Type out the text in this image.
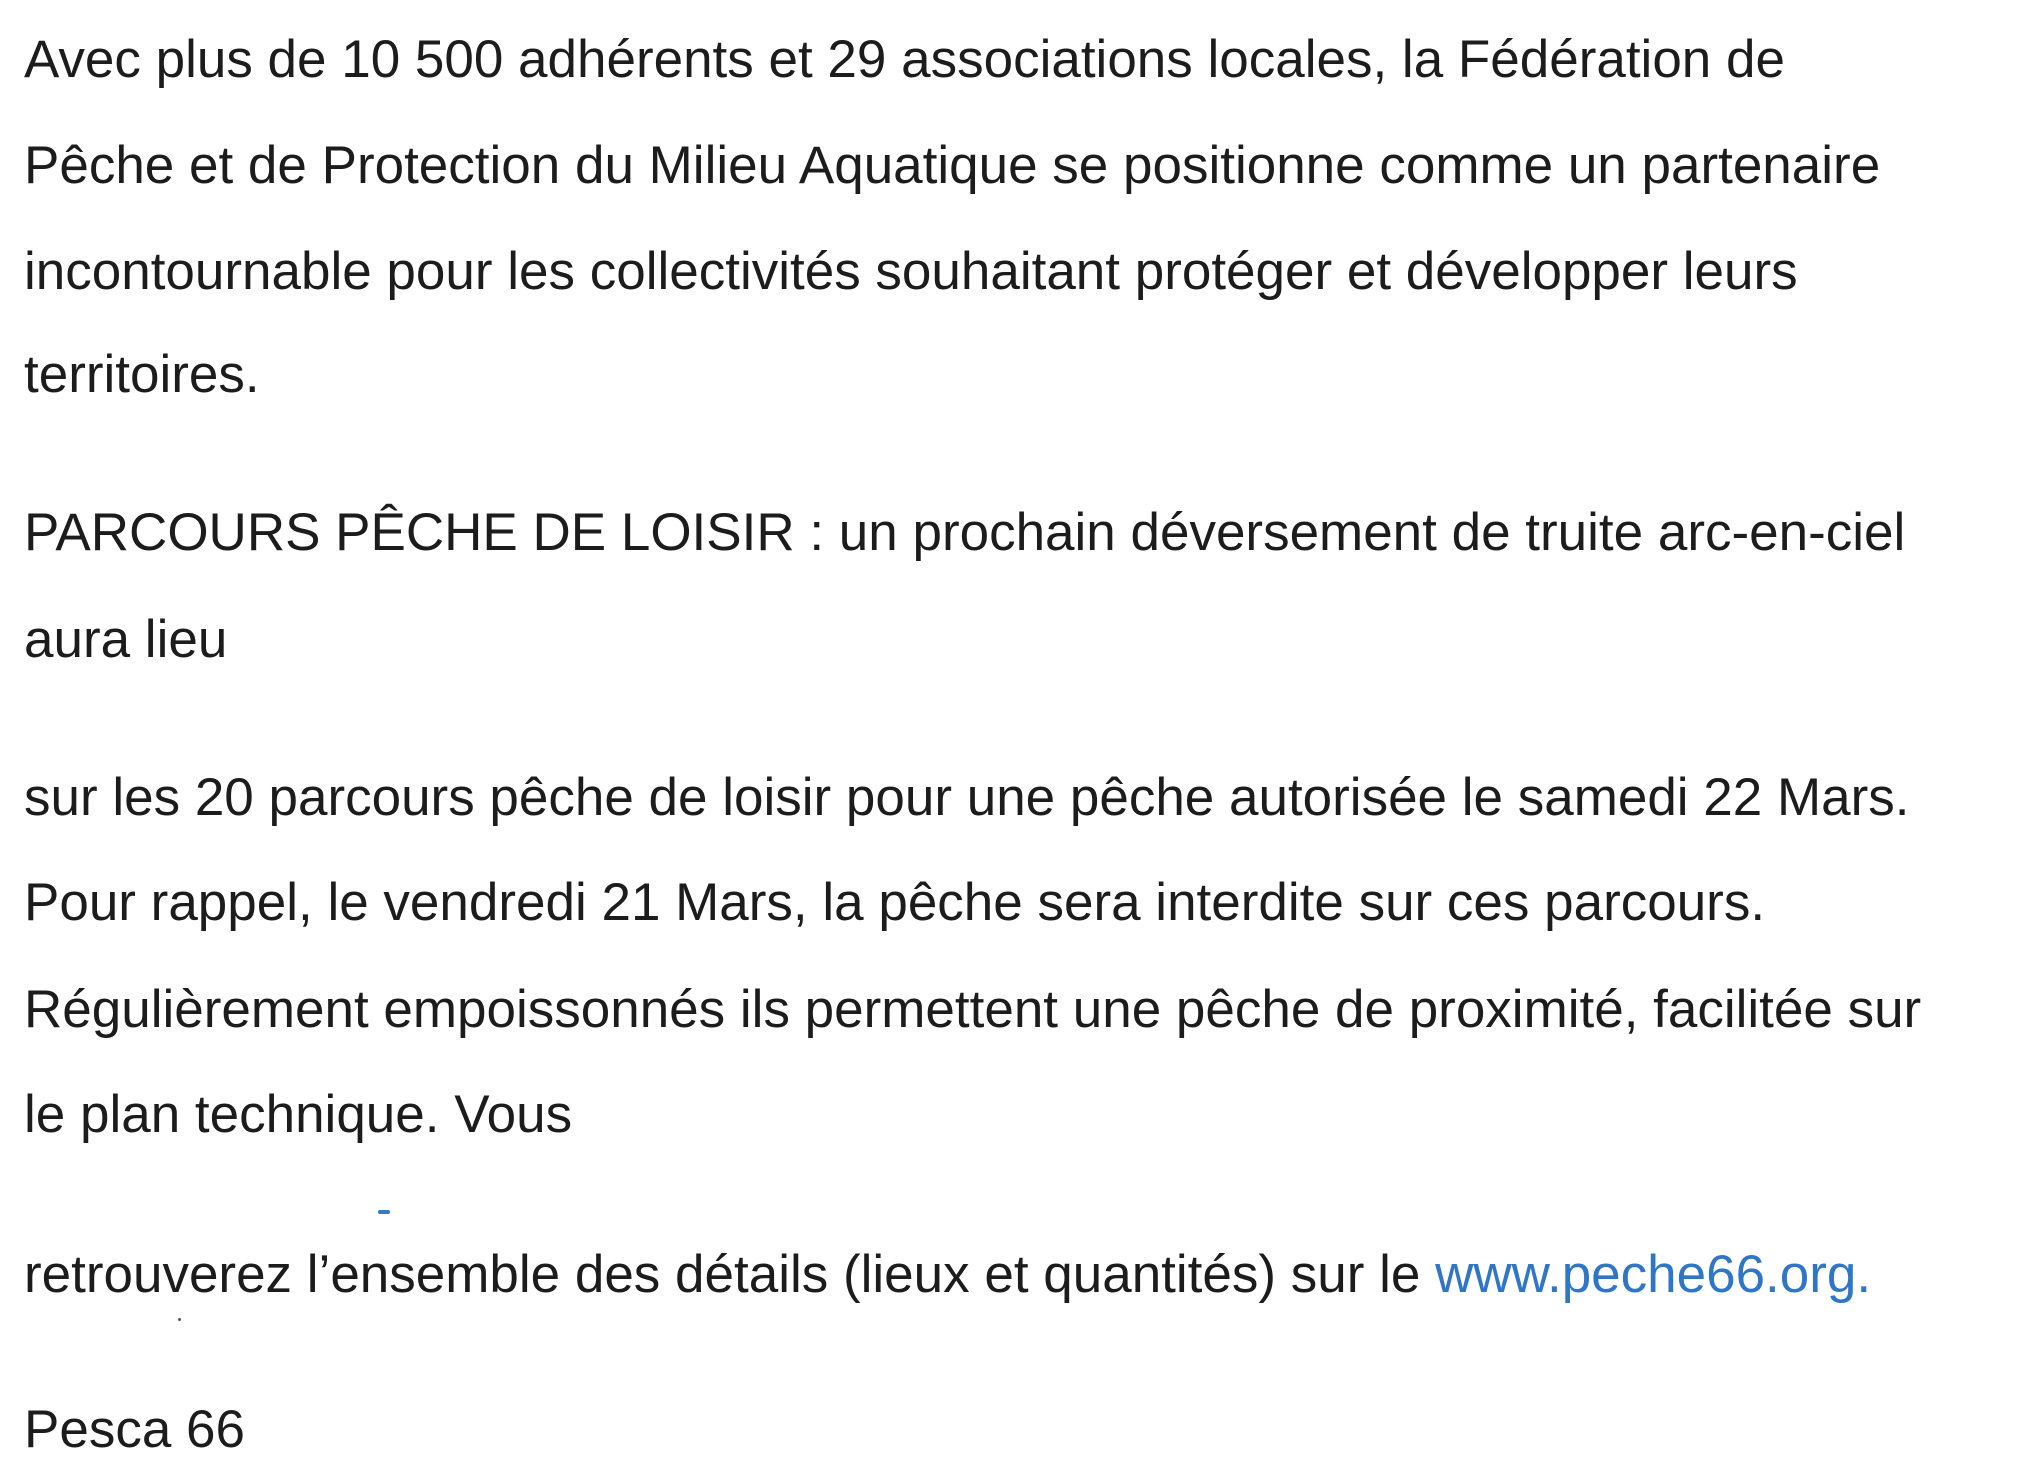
Avec plus de 10 500 adhérents et 29 associations locales, la Fédération de

Pêche et de Protection du Milieu Aquatique se positionne comme un partenaire

incontournable pour les collectivités souhaitant protéger et développer leurs

territoires.

PARCOURS PÊCHE DE LOISIR : un prochain déversement de truite arc-en-ciel

aura lieu

sur les 20 parcours pêche de loisir pour une pêche autorisée le samedi 22 Mars.

Pour rappel, le vendredi 21 Mars, la pêche sera interdite sur ces parcours.

Régulièrement empoissonnés ils permettent une pêche de proximité, facilitée sur

le plan technique. Vous

retrouverez l’ensemble des détails (lieux et quantités) sur le www.peche66.org.

Pesca 66
